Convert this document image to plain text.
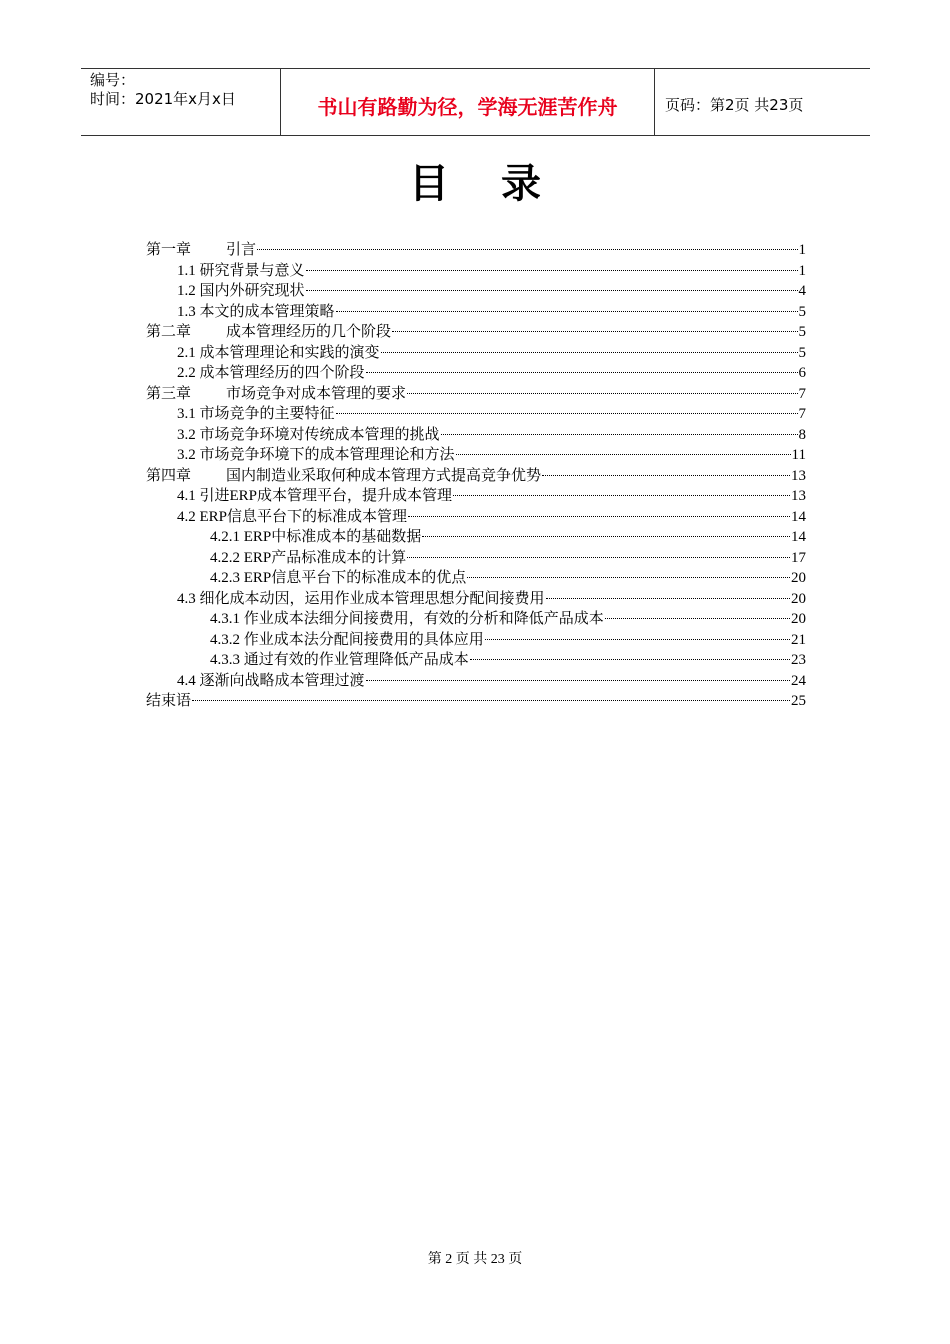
编号：
时间：2021年x月x日	书山有路勤为径，学海无涯苦作舟	页码：第2页 共23页
目录
第一章 引言	1
1.1 研究背景与意义	1
1.2 国内外研究现状	4
1.3 本文的成本管理策略	5
第二章 成本管理经历的几个阶段	5
2.1 成本管理理论和实践的演变	5
2.2 成本管理经历的四个阶段	6
第三章 市场竞争对成本管理的要求	7
3.1 市场竞争的主要特征	7
3.2 市场竞争环境对传统成本管理的挑战	8
3.2 市场竞争环境下的成本管理理论和方法	11
第四章 国内制造业采取何种成本管理方式提高竞争优势	13
4.1 引进ERP成本管理平台，提升成本管理	13
4.2 ERP信息平台下的标准成本管理	14
4.2.1 ERP中标准成本的基础数据	14
4.2.2 ERP产品标准成本的计算	17
4.2.3 ERP信息平台下的标准成本的优点	20
4.3 细化成本动因，运用作业成本管理思想分配间接费用	20
4.3.1 作业成本法细分间接费用，有效的分析和降低产品成本	20
4.3.2 作业成本法分配间接费用的具体应用	21
4.3.3 通过有效的作业管理降低产品成本	23
4.4 逐渐向战略成本管理过渡	24
结束语	25
第 2 页 共 23 页
